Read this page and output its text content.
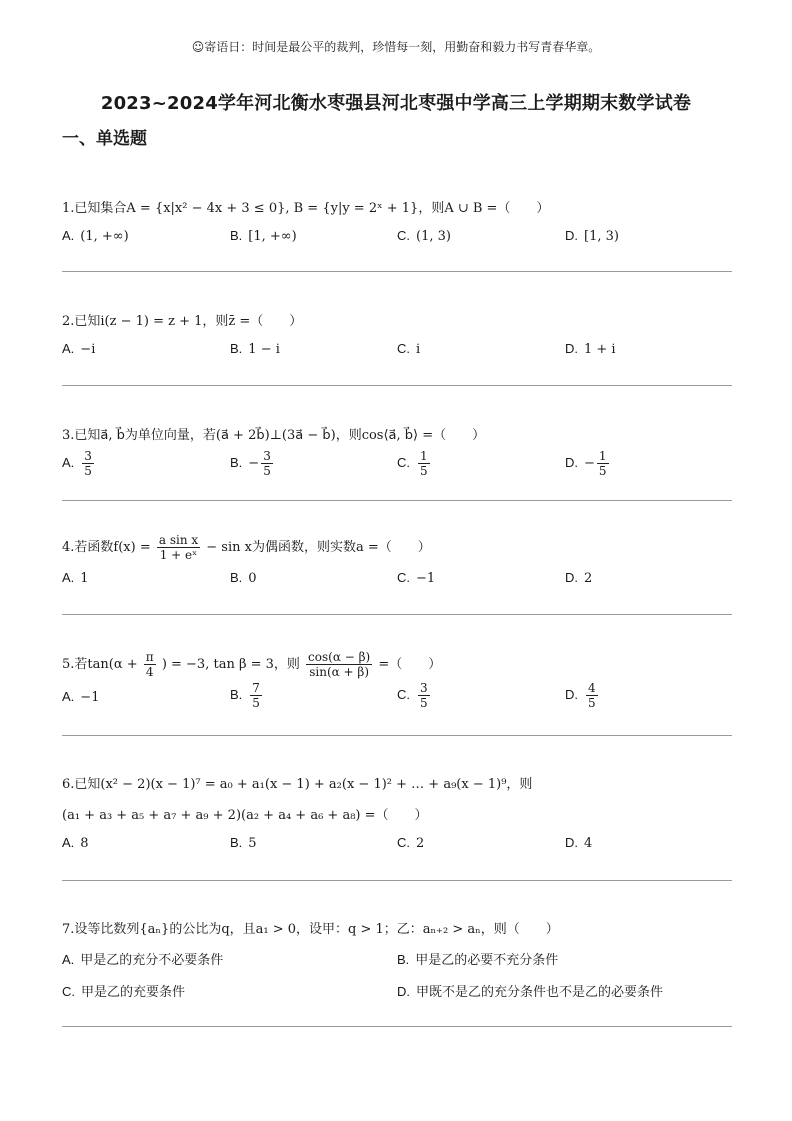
☺寄语日：时间是最公平的裁判，珍惜每一刻，用勤奋和毅力书写青春华章。
2023~2024学年河北衡水枣强县河北枣强中学高三上学期期末数学试卷
一、单选题
1.已知集合A = {x|x² − 4x + 3 ≤ 0}, B = {y|y = 2ˣ + 1}，则A ∪ B =（　　）
A. (1, +∞)	B. [1, +∞)	C. (1, 3)	D. [1, 3)
2.已知i(z − 1) = z + 1，则z̄ =（　　）
A. −i	B. 1 − i	C. i	D. 1 + i
3.已知a⃗, b⃗为单位向量，若(a⃗ + 2b⃗)⊥(3a⃗ − b⃗)，则cos⟨a⃗, b⃗⟩ =（　　）
A. $\frac{3}{5}$	B. − $\frac{3}{5}$	C. $\frac{1}{5}$	D. − $\frac{1}{5}$
4.若函数$f(x) = \frac{\text{a sin x}}{\text{1 + eˣ}} - \sin x$为偶函数，则实数a =（　　）
A. 1	B. 0	C. −1	D. 2
5.若$\tan(\alpha + \frac{\pi}{4}$ ) = −3, tan β = 3，则 $\frac{\cos(\alpha - \beta)}{\sin(\alpha + \beta)}$ =（　　）
A. −1	B. $\frac{7}{5}$	C. $\frac{3}{5}$	D. $\frac{4}{5}$
6.已知(x² − 2)(x − 1)⁷ = a₀ + a₁(x − 1) + a₂(x − 1)² + … + a₉(x − 1)⁹，则
(a₁ + a₃ + a₅ + a₇ + a₉ + 2)(a₂ + a₄ + a₆ + a₈) =（　　）
A. 8	B. 5	C. 2	D. 4
7.设等比数列{aₙ}的公比为q，且a₁ > 0，设甲：q > 1；乙：aₙ₊₂ > aₙ，则（　　）
A. 甲是乙的充分不必要条件	B. 甲是乙的必要不充分条件
C. 甲是乙的充要条件	D. 甲既不是乙的充分条件也不是乙的必要条件
